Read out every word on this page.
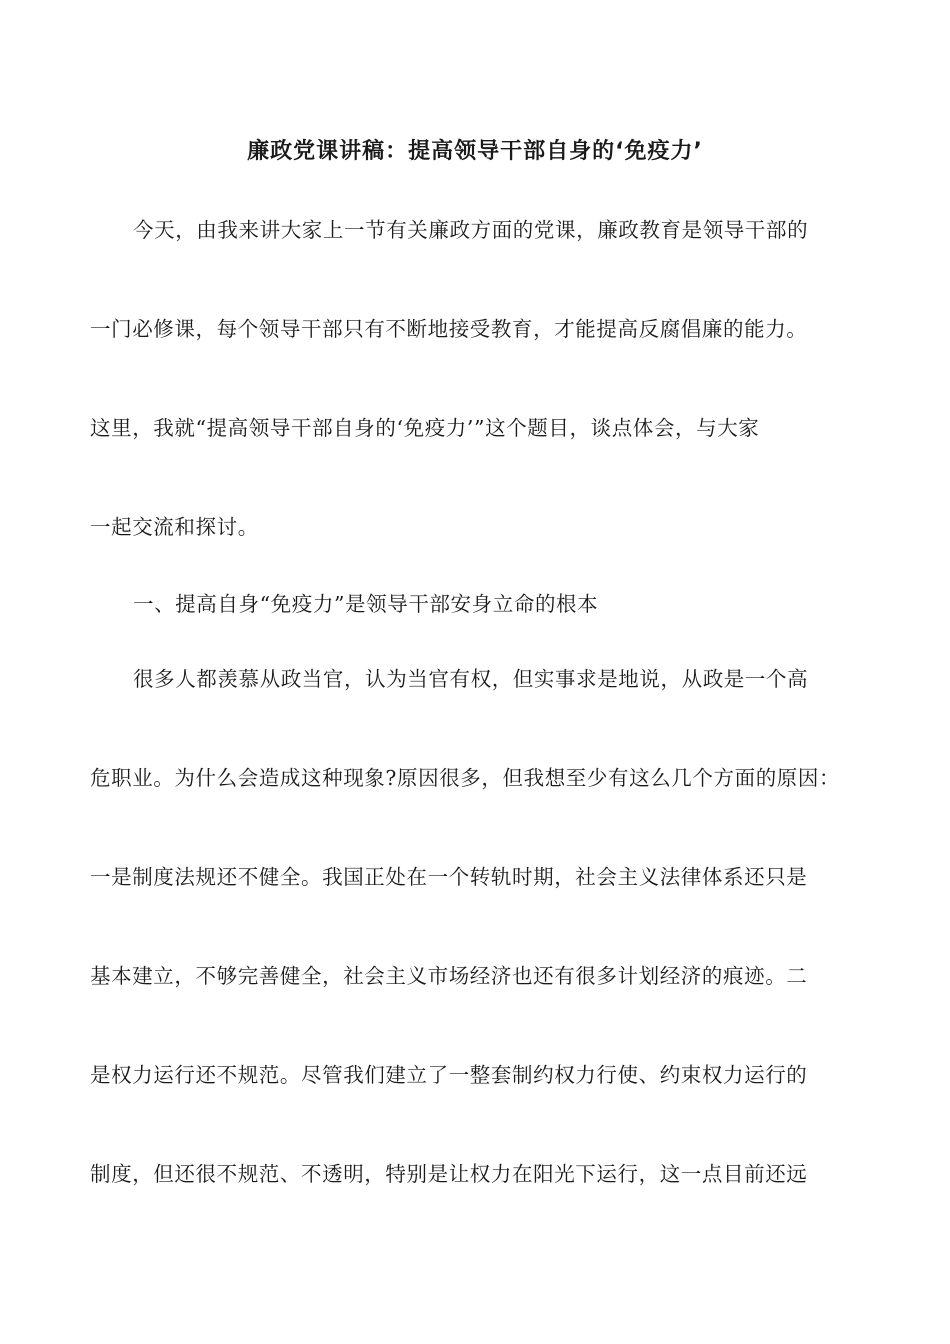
廉政党课讲稿：提高领导干部自身的‘免疫力’
今天，由我来讲大家上一节有关廉政方面的党课，廉政教育是领导干部的
一门必修课，每个领导干部只有不断地接受教育，才能提高反腐倡廉的能力。
这里，我就“提高领导干部自身的‘免疫力’”这个题目，谈点体会，与大家
一起交流和探讨。
一、提高自身“免疫力”是领导干部安身立命的根本
很多人都羡慕从政当官，认为当官有权，但实事求是地说，从政是一个高
危职业。为什么会造成这种现象?原因很多，但我想至少有这么几个方面的原因：
一是制度法规还不健全。我国正处在一个转轨时期，社会主义法律体系还只是
基本建立，不够完善健全，社会主义市场经济也还有很多计划经济的痕迹。二
是权力运行还不规范。尽管我们建立了一整套制约权力行使、约束权力运行的
制度，但还很不规范、不透明，特别是让权力在阳光下运行，这一点目前还远
